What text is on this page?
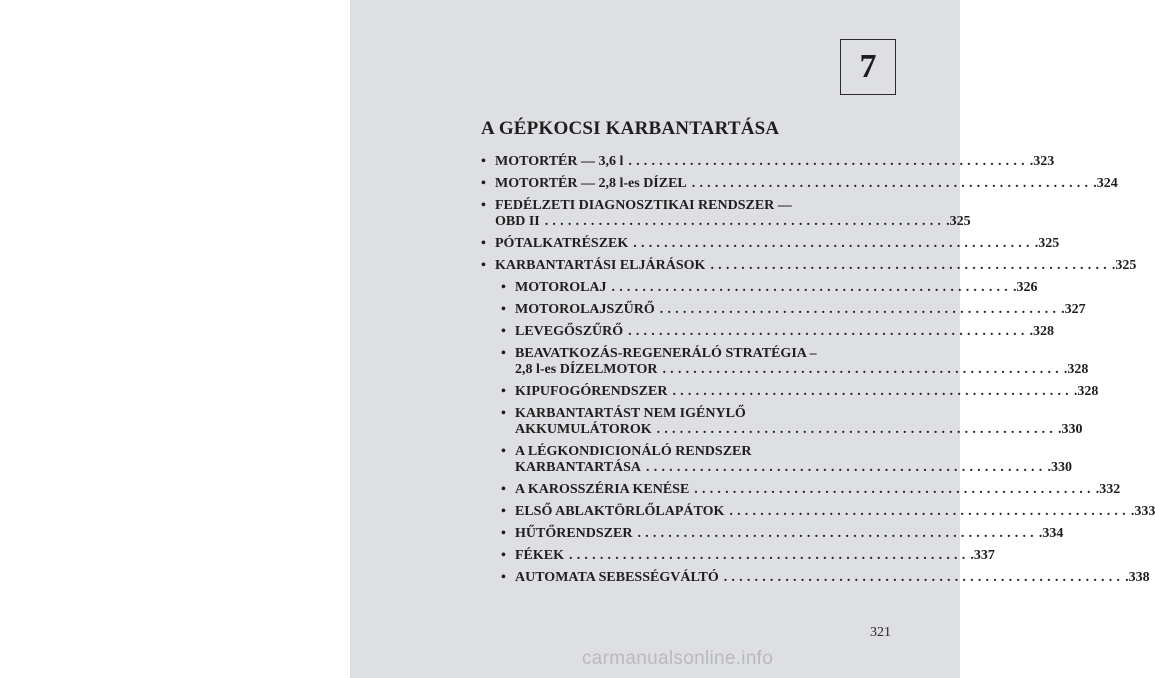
7
A GÉPKOCSI KARBANTARTÁSA
• MOTORTÉR — 3,6 l .................................................... .323
• MOTORTÉR — 2,8 l-es DÍZEL .................................................... .324
• FEDÉLZETI DIAGNOSZTIKAI RENDSZER —
OBD II .................................................... .325
• PÓTALKATRÉSZEK .................................................... .325
• KARBANTARTÁSI ELJÁRÁSOK .................................................... .325
• MOTOROLAJ .................................................... .326
• MOTOROLAJSZŰRŐ .................................................... .327
• LEVEGŐSZŰRŐ .................................................... .328
• BEAVATKOZÁS-REGENERÁLÓ STRATÉGIA –
2,8 l-es DÍZELMOTOR .................................................... .328
• KIPUFOGÓRENDSZER .................................................... .328
• KARBANTARTÁST NEM IGÉNYLŐ
AKKUMULÁTOROK .................................................... .330
• A LÉGKONDICIONÁLÓ RENDSZER
KARBANTARTÁSA .................................................... .330
• A KAROSSZÉRIA KENÉSE .................................................... .332
• ELSŐ ABLAKTÖRLŐLAPÁTOK .................................................... .333
• HŰTŐRENDSZER .................................................... .334
• FÉKEK .................................................... .337
• AUTOMATA SEBESSÉGVÁLTÓ .................................................... .338
321
carmanualsonline.info
